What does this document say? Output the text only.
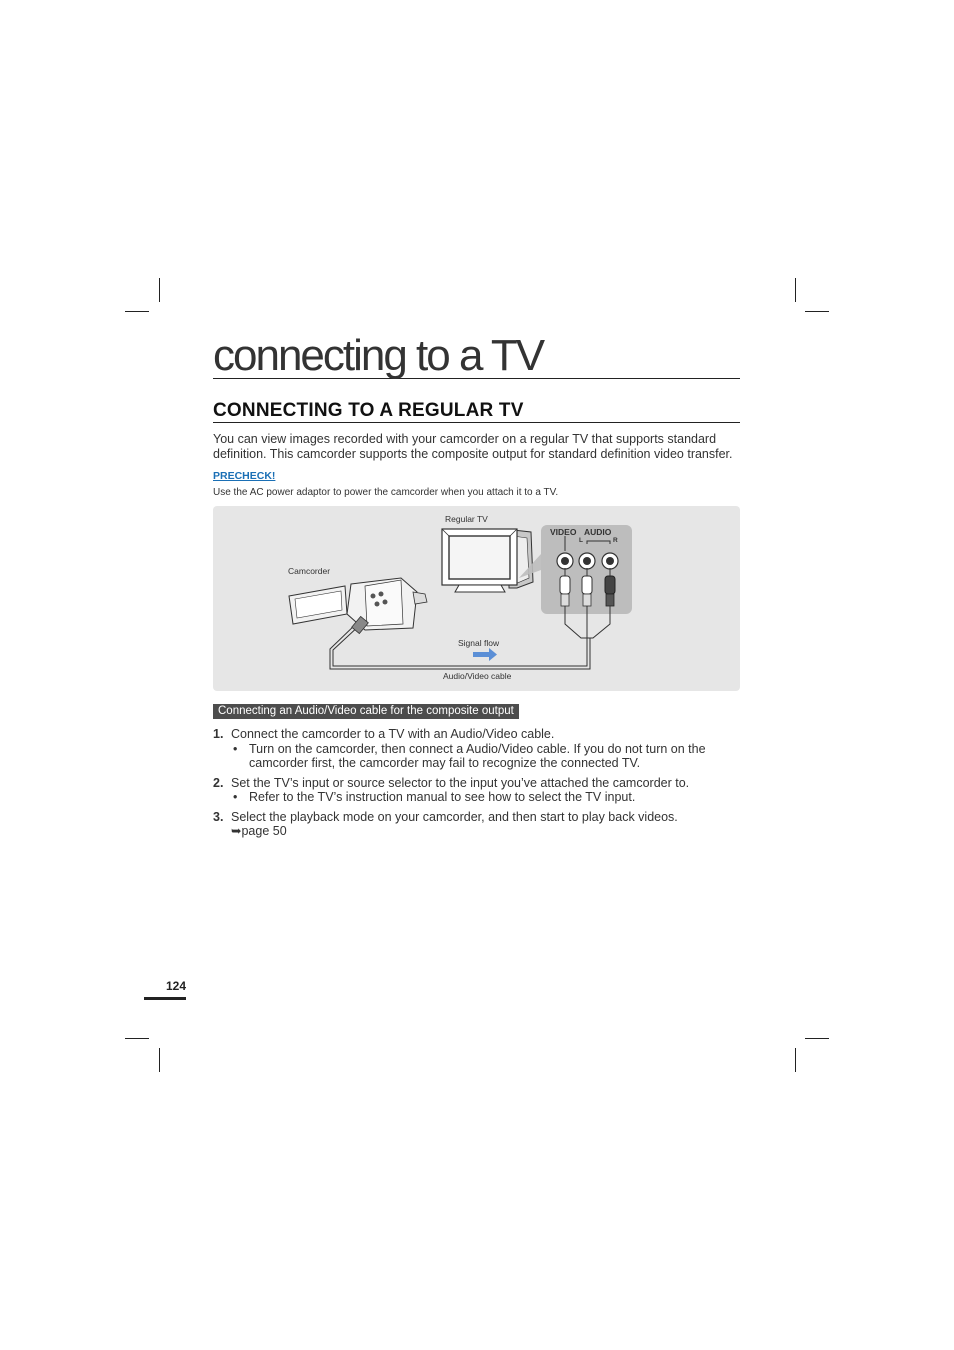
connecting to a TV
CONNECTING TO A REGULAR TV
You can view images recorded with your camcorder on a regular TV that supports standard definition. This camcorder supports the composite output for standard definition video transfer.
PRECHECK!
Use the AC power adaptor to power the camcorder when you attach it to a TV.
Regular TV
Camcorder
Signal flow
Audio/Video cable
VIDEO AUDIO
L	R
Connecting an Audio/Video cable for the composite output
1. Connect the camcorder to a TV with an Audio/Video cable.
• Turn on the camcorder, then connect a Audio/Video cable. If you do not turn on the camcorder first, the camcorder may fail to recognize the connected TV.
2. Set the TV’s input or source selector to the input you’ve attached the camcorder to.
• Refer to the TV’s instruction manual to see how to select the TV input.
3. Select the playback mode on your camcorder, and then start to play back videos.
➥page 50
124
